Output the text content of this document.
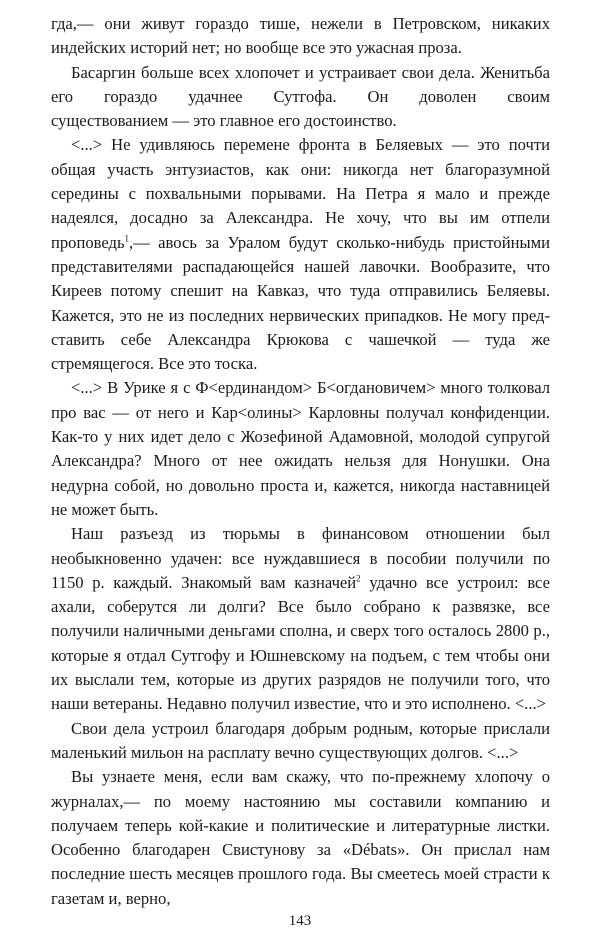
гда,— они живут гораздо тише, нежели в Петровском, никаких индейских историй нет; но вообще все это ужасная проза.

Басаргин больше всех хлопочет и устраивает свои дела. Женитьба его гораздо удачнее Сутгофа. Он доволен своим существованием — это главное его достоинство.

<...> Не удивляюсь перемене фронта в Беляевых — это почти общая участь энтузиастов, как они: никогда нет благоразумной середины с похвальными порывами. На Петра я мало и прежде надеялся, досадно за Александра. Не хочу, что вы им отпели проповедь$^1$,— авось за Уралом будут сколько-нибудь пристойными представителями распадающейся нашей лавочки. Вообразите, что Киреев потому спешит на Кавказ, что туда отправились Беляевы. Кажется, это не из последних нервических припадков. Не могу представить себе Александра Крюкова с чашечкой — туда же стремящегося. Все это тоска.

<...> В Урике я с Ф<ердинандом> Б<огдановичем> много толковал про вас — от него и Кар<олины> Карловны получал конфиденции. Как-то у них идет дело с Жозефиной Адамовной, молодой супругой Александра? Много от нее ожидать нельзя для Нонушки. Она недурна собой, но довольно проста и, кажется, никогда наставницей не может быть.

Наш разъезд из тюрьмы в финансовом отношении был необыкновенно удачен: все нуждавшиеся в пособии получили по 1150 р. каждый. Знакомый вам казначей$^2$ удачно все устроил: все ахали, соберутся ли долги? Все было собрано к развязке, все получили наличными деньгами сполна, и сверх того осталось 2800 р., которые я отдал Сутгофу и Юшневскому на подъем, с тем чтобы они их выслали тем, которые из других разрядов не получили того, что наши ветераны. Недавно получил известие, что и это исполнено. <...>

Свои дела устроил благодаря добрым родным, которые прислали маленький мильон на расплату вечно существующих долгов. <...>

Вы узнаете меня, если вам скажу, что по-прежнему хлопочу о журналах,— по моему настоянию мы составили компанию и получаем теперь кой-какие и политические и литературные листки. Особенно благодарен Свистунову за «Débats». Он прислал нам последние шесть месяцев прошлого года. Вы смеетесь моей страсти к газетам и, верно,

143
